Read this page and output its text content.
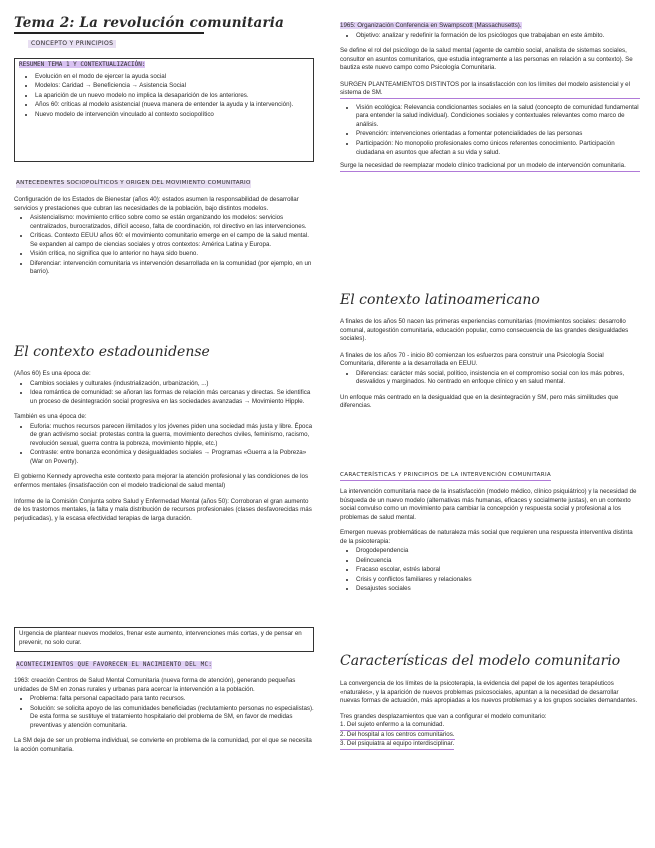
Tema 2: La revolución comunitaria
CONCEPTO Y PRINCIPIOS
RESUMEN TEMA 1 Y CONTEXTUALIZACIÓN:
• Evolución en el modo de ejercer la ayuda social
• Modelos: Caridad → Beneficiencia → Asistencia Social
• La aparición de un nuevo modelo no implica la desaparición de los anteriores.
• Años 60: críticas al modelo asistencial (nueva manera de entender la ayuda y la intervención).
• Nuevo modelo de intervención vinculado al contexto sociopolítico
ANTECEDENTES SOCIOPOLÍTICOS Y ORIGEN DEL MOVIMIENTO COMUNITARIO

Configuración de los Estados de Bienestar (años 40): estados asumen la responsabilidad de desarrollar servicios y prestaciones que cubran las necesidades de la población, bajo distintos modelos.

• Asistencialismo: movimiento crítico sobre como se están organizando los modelos: servicios centralizados, burocratizados, difícil acceso, falta de coordinación, rol directivo en las intervenciones.
• Críticas. Contexto EEUU años 60: el movimiento comunitario emerge en el campo de la salud mental. Se expanden al campo de ciencias sociales y otros contextos: América Latina y Europa.
• Visión crítica, no significa que lo anterior no haya sido bueno.
• Diferenciar: intervención comunitaria vs intervención desarrollada en la comunidad (por ejemplo, en un barrio).
El contexto estadounidense

(Años 60) Es una época de:

• Cambios sociales y culturales (industrialización, urbanización, ...)
• Idea romántica de comunidad: se añoran las formas de relación más cercanas y directas. Se identifica un proceso de desintegración social progresiva en las sociedades avanzadas → Movimiento Hipple.

También es una época de:

• Euforia: muchos recursos parecen ilimitados y los jóvenes piden una sociedad más justa y libre. Época de gran activismo social: protestas contra la guerra, movimiento derechos civiles, feminismo, racismo, revolución sexual, guerra contra la pobreza, movimiento hipple, etc.)
• Contraste: entre bonanza económica y desigualdades sociales → Programas «Guerra a la Pobreza» (War on Poverty).

El gobierno Kennedy aprovecha este contexto para mejorar la atención profesional y las condiciones de los enfermos mentales (insatisfacción con el modelo tradicional de salud mental)

Informe de la Comisión Conjunta sobre Salud y Enfermedad Mental (años 50): Corroboran el gran aumento de los trastornos mentales, la falta y mala distribución de recursos profesionales (clases desfavorecidas más perjudicadas), y la escasa efectividad terapias de larga duración.

Urgencia de plantear nuevos modelos, frenar este aumento, intervenciones más cortas, y de pensar en prevenir, no solo curar.

ACONTECIMIENTOS QUE FAVORECEN EL NACIMIENTO DEL MC:

1963: creación Centros de Salud Mental Comunitaria (nueva forma de atención), generando pequeñas unidades de SM en zonas rurales y urbanas para acercar la intervención a la población.

• Problema: falta personal capacitado para tanto recursos.
• Solución: se solicita apoyo de las comunidades beneficiadas (reclutamiento personas no especialistas). De esta forma se sustituye el tratamiento hospitalario del problema de SM, en favor de medidas preventivas y atención comunitaria.

La SM deja de ser un problema individual, se convierte en problema de la comunidad, por el que se necesita la acción comunitaria.

1965: Organización Conferencia en Swampscott (Massachusetts).

• Objetivo: analizar y redefinir la formación de los psicólogos que trabajaban en este ámbito.

Se define el rol del psicólogo de la salud mental (agente de cambio social, analista de sistemas sociales, consultor en asuntos comunitarios, que estudia integramente a las personas en relación a su contexto). Se bautiza este nuevo campo como Psicología Comunitaria.

SURGEN PLANTEAMIENTOS DISTINTOS por la insatisfacción con los límites del modelo asistencial y el sistema de SM.

• Visión ecológica: Relevancia condicionantes sociales en la salud (concepto de comunidad fundamental para entender la salud individual). Condiciones sociales y contextuales relevantes como marco de análisis.
• Prevención: intervenciones orientadas a fomentar potencialidades de las personas
• Participación: No monopolio profesionales como únicos referentes conocimiento. Participación ciudadana en asuntos que afectan a su vida y salud.

Surge la necesidad de reemplazar modelo clínico tradicional por un modelo de intervención comunitaria.

El contexto latinoamericano

A finales de los años 50 nacen las primeras experiencias comunitarias (movimientos sociales: desarrollo comunal, autogestión comunitaria, educación popular, como consecuencia de las grandes desigualdades sociales).

A finales de los años 70 - inicio 80 comienzan los esfuerzos para construir una Psicología Social Comunitaria, diferente a la desarrollada en EEUU.

• Diferencias: carácter más social, político, insistencia en el compromiso social con los más pobres, desvalidos y marginados. No centrado en enfoque clínico y en salud mental.

Un enfoque más centrado en la desigualdad que en la desintegración y SM, pero más similitudes que diferencias.

CARACTERÍSTICAS Y PRINCIPIOS DE LA INTERVENCIÓN COMUNITARIA

La intervención comunitaria nace de la insatisfacción (modelo médico, clínico psiquiátrico) y la necesidad de búsqueda de un nuevo modelo (alternativas más humanas, eficaces y socialmente justas), en un contexto social convulso como un movimiento para cambiar la concepción y respuesta social y profesional a los problemas de salud mental.

Emergen nuevas problemáticas de naturaleza más social que requieren una respuesta interventiva distinta de la psicoterapia:

• Drogodependencia
• Delincuencia
• Fracaso escolar, estrés laboral
• Crisis y conflictos familiares y relacionales
• Desajustes sociales
Características del modelo comunitario

La convergencia de los límites de la psicoterapia, la evidencia del papel de los agentes terapéuticos «naturales», y la aparición de nuevos problemas psicosociales, apuntan a la necesidad de desarrollar nuevas formas de actuación, más apropiadas a los nuevos problemas y a los grupos sociales demandantes.

Tres grandes desplazamientos que van a configurar el modelo comunitario:

1. Del sujeto enfermo a la comunidad.

2. Del hospital a los centros comunitarios.

3. Del psiquiatra al equipo interdisciplinar.
